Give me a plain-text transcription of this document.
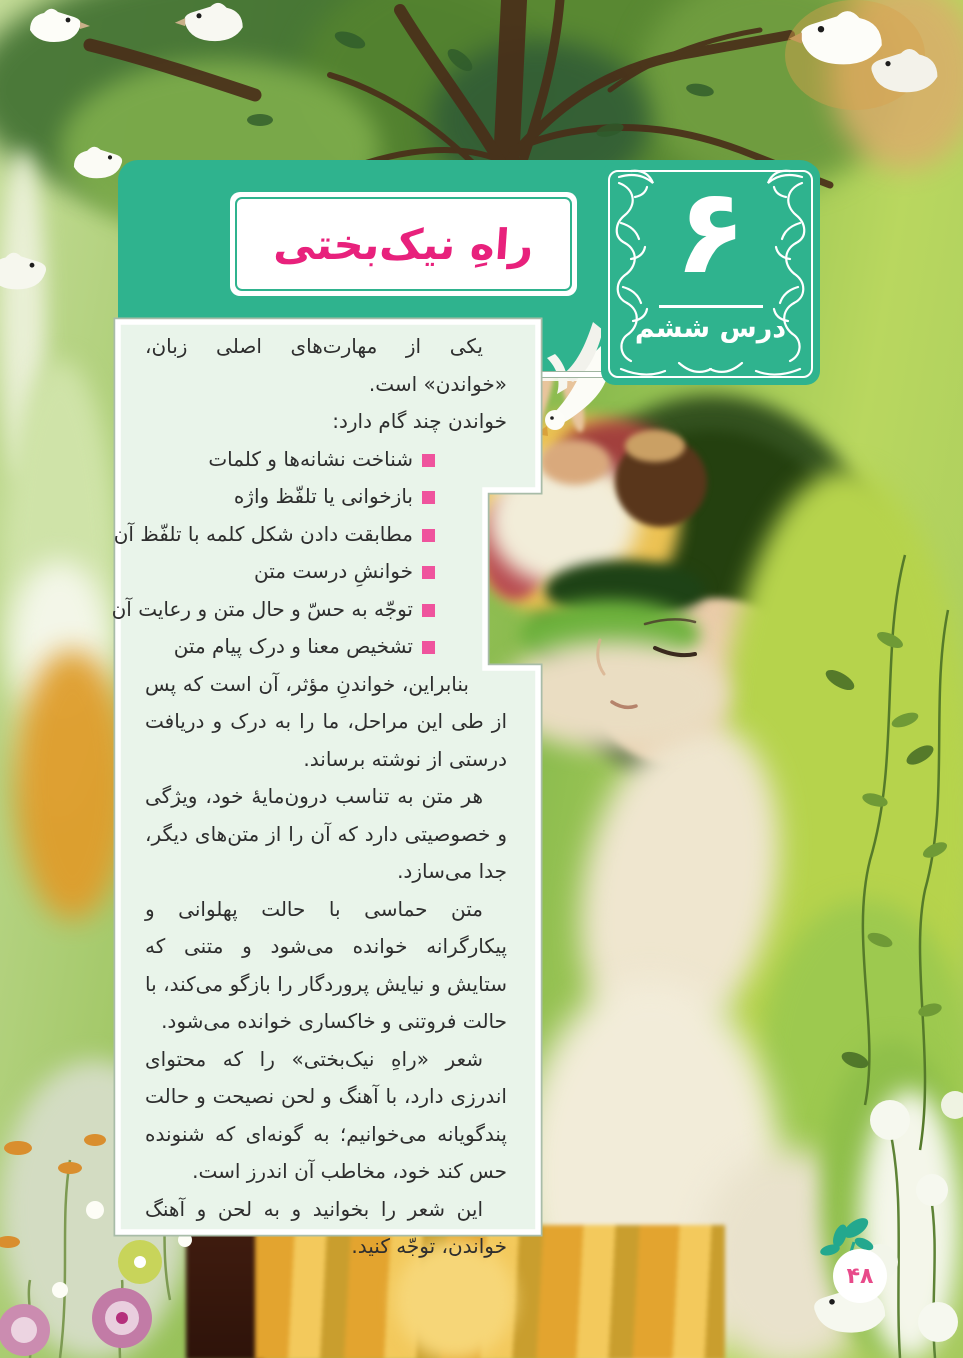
راهِ نیک‌بختی	۶
درس ششم

یکی از مهارت‌های اصلی زبان، «خواندن» است.

خواندن چند گام دارد:

شناخت نشانه‌ها و کلمات
بازخوانی یا تلفّظ واژه
مطابقت دادن شکل کلمه با تلفّظ آن
خوانشِ درست متن
توجّه به حسّ و حال متن و رعایت آن
تشخیص معنا و درک پیام متن

بنابراین، خواندنِ مؤثر، آن است که پس از طی این مراحل، ما را به درک و دریافت درستی از نوشته برساند.

هر متن به تناسب درون‌مایۀ خود، ویژگی و خصوصیتی دارد که آن را از متن‌های دیگر، جدا می‌سازد.

متن حماسی با حالت پهلوانی و پیکارگرانه خوانده می‌شود و متنی که ستایش و نیایش پروردگار را بازگو می‌کند، با حالت فروتنی و خاکساری خوانده می‌شود.

شعر «راهِ نیک‌بختی» را که محتوای اندرزی دارد، با آهنگ و لحن نصیحت و حالت پندگویانه می‌خوانیم؛ به گونه‌ای که شنونده حس کند خود، مخاطب آن اندرز است.

این شعر را بخوانید و به لحن و آهنگ خواندن، توجّه کنید.

۴۸
